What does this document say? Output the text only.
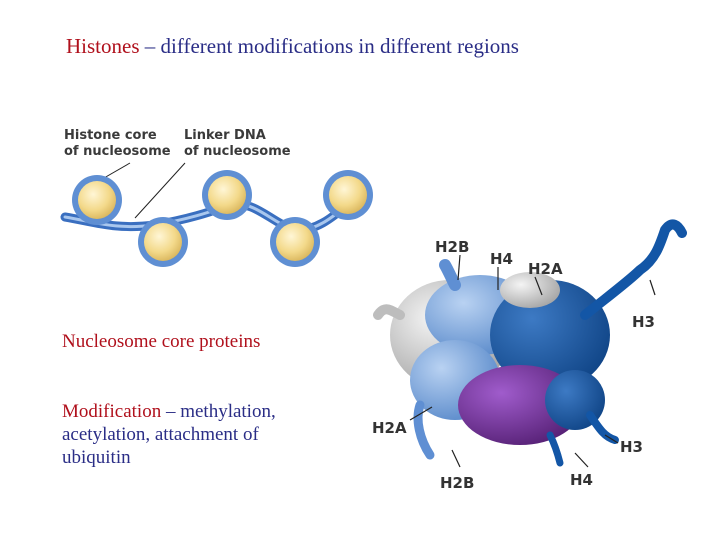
Histones – different modifications in different regions
Histone core
of nucleosome
Linker DNA
of nucleosome
Nucleosome core proteins
Modification – methylation,
acetylation, attachment of
ubiquitin
H2B
H4
H2A
H3
H2A
H3
H2B	H4
